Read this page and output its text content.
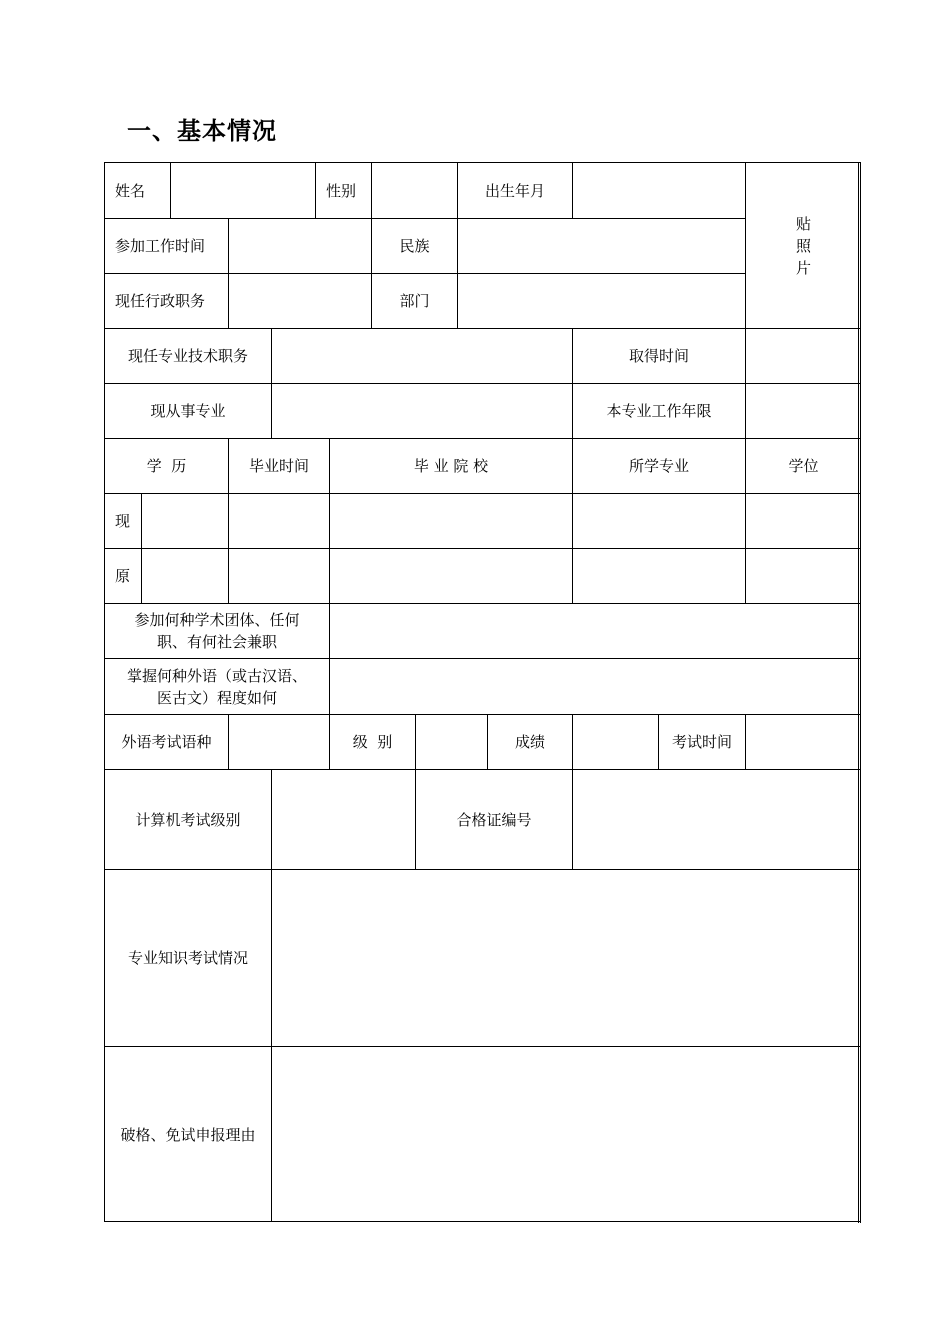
一、基本情况
姓名	性别	出生年月
贴
照
片
参加工作时间	民族
现任行政职务	部门
现任专业技术职务	取得时间
现从事专业	本专业工作年限
学  历	毕业时间	毕 业 院 校	所学专业	学位
现
原
参加何种学术团体、任何
职、有何社会兼职
掌握何种外语（或古汉语、
医古文）程度如何
外语考试语种	级  别	成绩	考试时间
计算机考试级别	合格证编号
专业知识考试情况
破格、免试申报理由
